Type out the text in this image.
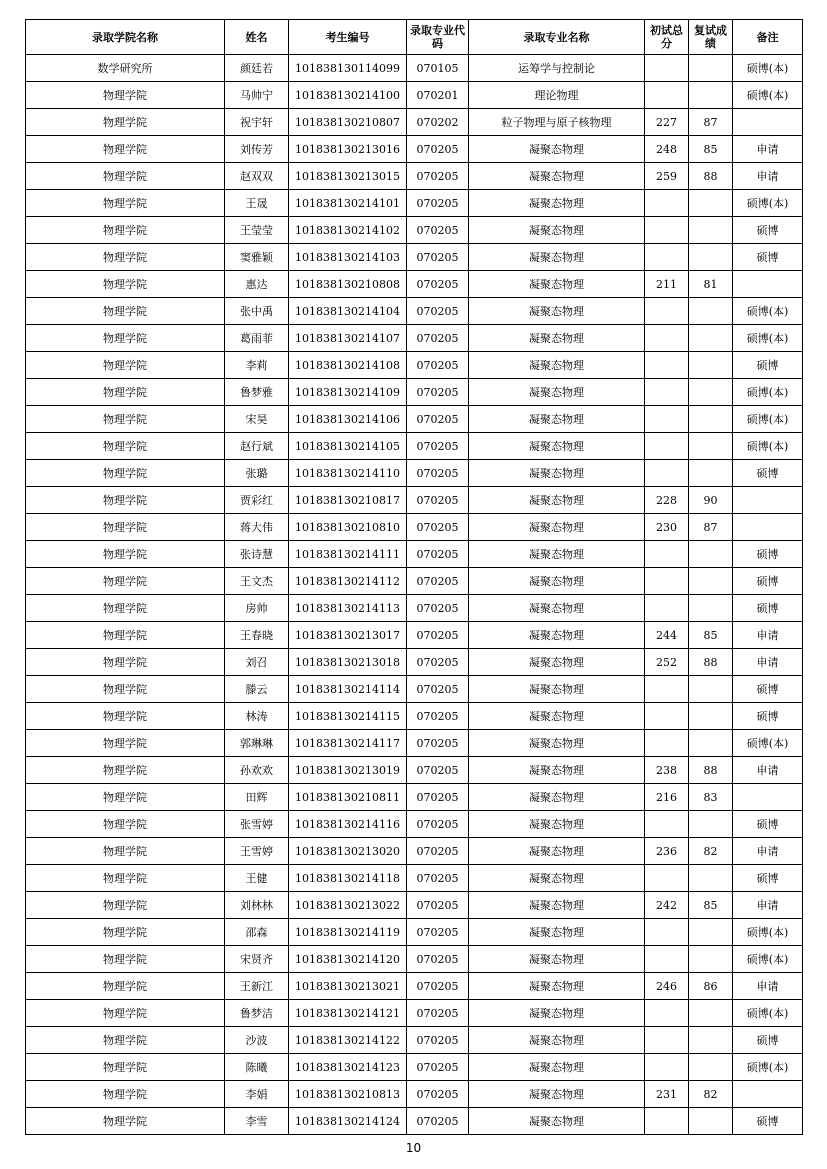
录取学院名称	姓名	考生编号	录取专业代码	录取专业名称	初试总分	复试成绩	备注
数学研究所	颜廷若	101838130114099	070105	运筹学与控制论			硕博(本)
物理学院	马帅宁	101838130214100	070201	理论物理			硕博(本)
物理学院	祝宇轩	101838130210807	070202	粒子物理与原子核物理	227	87	
物理学院	刘传芳	101838130213016	070205	凝聚态物理	248	85	申请
物理学院	赵双双	101838130213015	070205	凝聚态物理	259	88	申请
物理学院	王晟	101838130214101	070205	凝聚态物理			硕博(本)
物理学院	王莹莹	101838130214102	070205	凝聚态物理			硕博
物理学院	窦雅颖	101838130214103	070205	凝聚态物理			硕博
物理学院	惠达	101838130210808	070205	凝聚态物理	211	81	
物理学院	张中禹	101838130214104	070205	凝聚态物理			硕博(本)
物理学院	葛雨菲	101838130214107	070205	凝聚态物理			硕博(本)
物理学院	李莉	101838130214108	070205	凝聚态物理			硕博
物理学院	鲁梦雅	101838130214109	070205	凝聚态物理			硕博(本)
物理学院	宋昊	101838130214106	070205	凝聚态物理			硕博(本)
物理学院	赵行斌	101838130214105	070205	凝聚态物理			硕博(本)
物理学院	张璐	101838130214110	070205	凝聚态物理			硕博
物理学院	贾彩红	101838130210817	070205	凝聚态物理	228	90	
物理学院	蒋大伟	101838130210810	070205	凝聚态物理	230	87	
物理学院	张诗慧	101838130214111	070205	凝聚态物理			硕博
物理学院	王文杰	101838130214112	070205	凝聚态物理			硕博
物理学院	房帅	101838130214113	070205	凝聚态物理			硕博
物理学院	王春晓	101838130213017	070205	凝聚态物理	244	85	申请
物理学院	刘召	101838130213018	070205	凝聚态物理	252	88	申请
物理学院	滕云	101838130214114	070205	凝聚态物理			硕博
物理学院	林涛	101838130214115	070205	凝聚态物理			硕博
物理学院	郭琳琳	101838130214117	070205	凝聚态物理			硕博(本)
物理学院	孙欢欢	101838130213019	070205	凝聚态物理	238	88	申请
物理学院	田辉	101838130210811	070205	凝聚态物理	216	83	
物理学院	张雪婷	101838130214116	070205	凝聚态物理			硕博
物理学院	王雪婷	101838130213020	070205	凝聚态物理	236	82	申请
物理学院	王健	101838130214118	070205	凝聚态物理			硕博
物理学院	刘林林	101838130213022	070205	凝聚态物理	242	85	申请
物理学院	邵森	101838130214119	070205	凝聚态物理			硕博(本)
物理学院	宋贤齐	101838130214120	070205	凝聚态物理			硕博(本)
物理学院	王新江	101838130213021	070205	凝聚态物理	246	86	申请
物理学院	鲁梦洁	101838130214121	070205	凝聚态物理			硕博(本)
物理学院	沙波	101838130214122	070205	凝聚态物理			硕博
物理学院	陈曦	101838130214123	070205	凝聚态物理			硕博(本)
物理学院	李娟	101838130210813	070205	凝聚态物理	231	82	
物理学院	李雪	101838130214124	070205	凝聚态物理			硕博
10
